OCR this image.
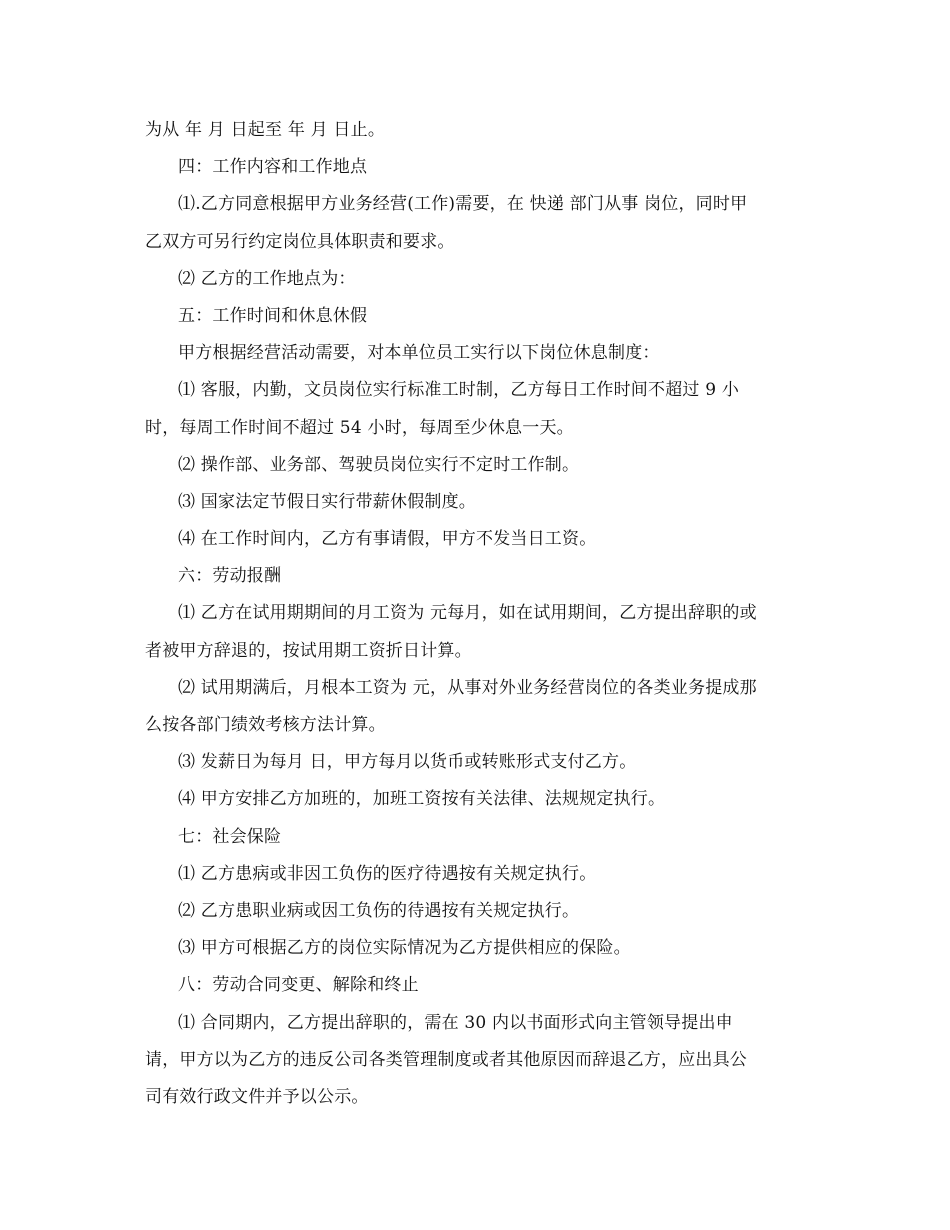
为从 年 月 日起至 年 月 日止。

四：工作内容和工作地点

⑴.乙方同意根据甲方业务经营(工作)需要，在 快递 部门从事 岗位，同时甲

乙双方可另行约定岗位具体职责和要求。

⑵ 乙方的工作地点为：

五：工作时间和休息休假

甲方根据经营活动需要，对本单位员工实行以下岗位休息制度：

⑴ 客服，内勤，文员岗位实行标准工时制，乙方每日工作时间不超过 9 小

时，每周工作时间不超过 54 小时，每周至少休息一天。

⑵ 操作部、业务部、驾驶员岗位实行不定时工作制。

⑶ 国家法定节假日实行带薪休假制度。

⑷ 在工作时间内，乙方有事请假，甲方不发当日工资。

六：劳动报酬

⑴ 乙方在试用期期间的月工资为 元每月，如在试用期间，乙方提出辞职的或

者被甲方辞退的，按试用期工资折日计算。

⑵ 试用期满后，月根本工资为 元，从事对外业务经营岗位的各类业务提成那

么按各部门绩效考核方法计算。

⑶ 发薪日为每月 日，甲方每月以货币或转账形式支付乙方。

⑷ 甲方安排乙方加班的，加班工资按有关法律、法规规定执行。

七：社会保险

⑴ 乙方患病或非因工负伤的医疗待遇按有关规定执行。

⑵ 乙方患职业病或因工负伤的待遇按有关规定执行。

⑶ 甲方可根据乙方的岗位实际情况为乙方提供相应的保险。

八：劳动合同变更、解除和终止

⑴ 合同期内，乙方提出辞职的，需在 30 内以书面形式向主管领导提出申

请，甲方以为乙方的违反公司各类管理制度或者其他原因而辞退乙方，应出具公

司有效行政文件并予以公示。
